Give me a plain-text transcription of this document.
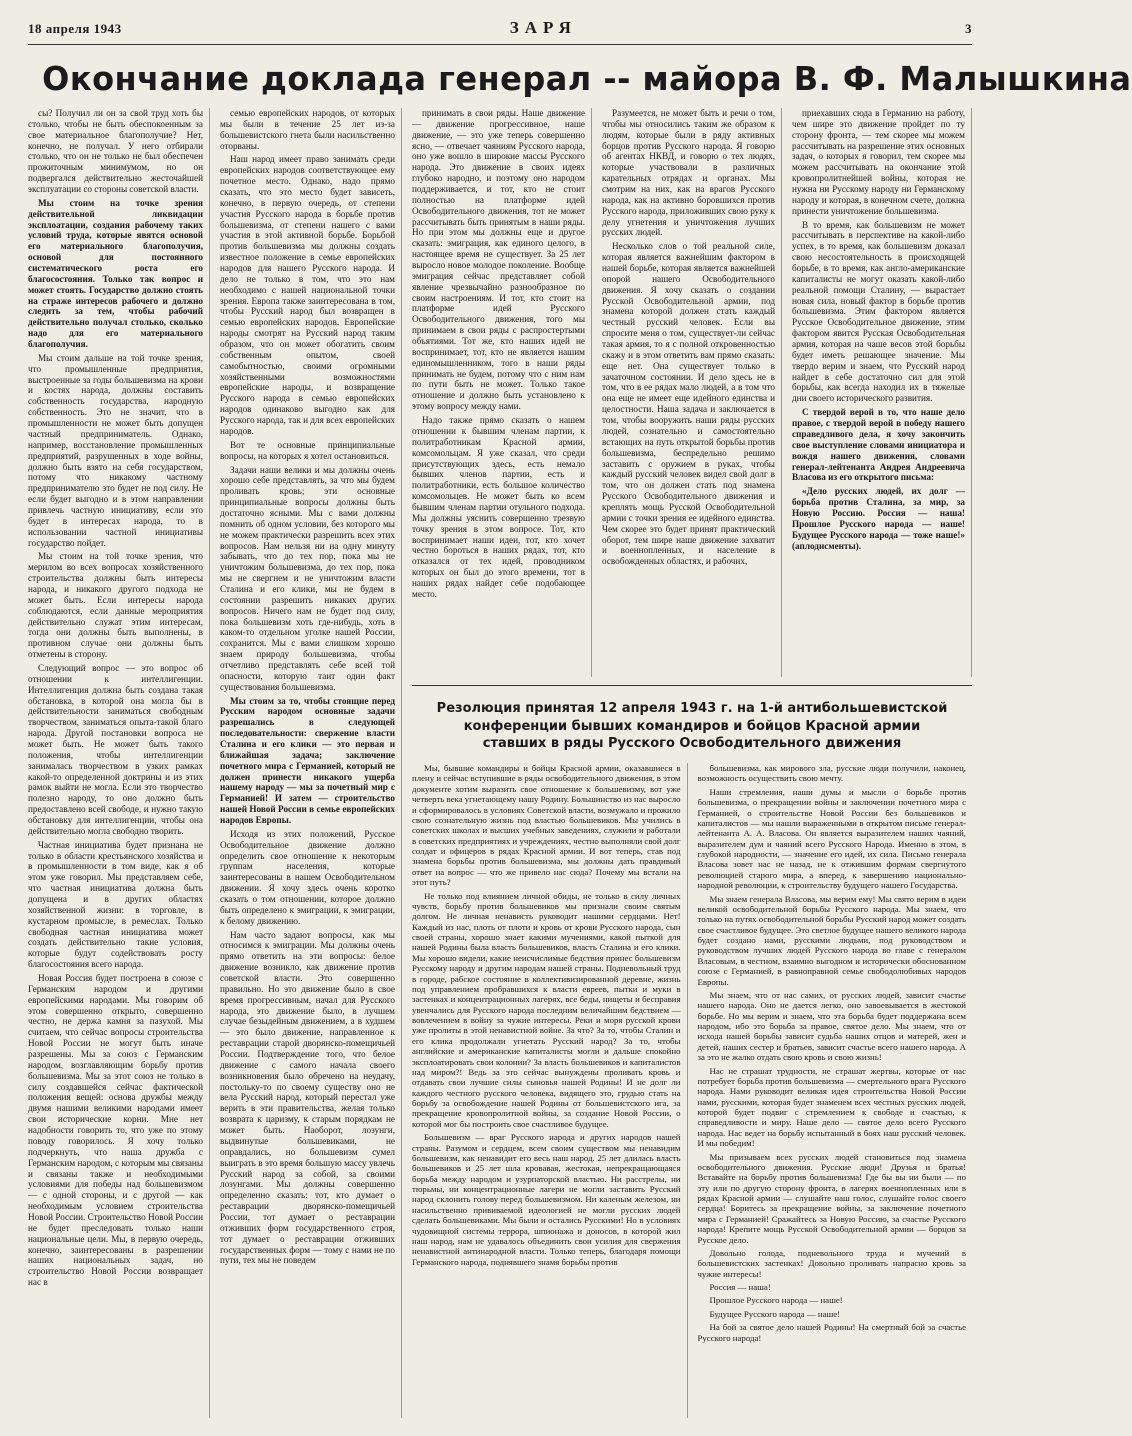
18 апреля 1943	ЗАРЯ	3
Окончание доклада генерал -- майора В. Ф. Малышкина

сы? Получил ли он за свой труд хоть бы столько, чтобы не быть обеспокоенным за свое материальное благополучие? Нет, конечно, не получал. У него отбирали столько, что он не только не был обеспечен прожиточным минимумом, но он подвергался действительно жесточайшей эксплуатации со стороны советской власти.

Мы стоим на точке зрения действительной ликвидации эксплоатации, создания рабочему таких условий труда, которые явятся основой его материального благополучия, основой для постоянного систематического роста его благосостояния. Только так вопрос и может стоять. Государство должно стоять на страже интересов рабочего и должно следить за тем, чтобы рабочий действительно получал столько, сколько надо для его материального благополучия.

Мы стоим дальше на той точке зрения, что промышленные предприятия, выстроенные за годы большевизма на крови и костях народа, должны составить собственность государства, народную собственность. Это не значит, что в промышленности не может быть допущен частный предприниматель. Однако, например, восстановление промышленных предприятий, разрушенных в ходе войны, должно быть взято на себя государством, потому что никакому частному предпринимателю это будет не под силу. Не если будет выгодно и в этом направлении привлечь частную инициативу, если это будет в интересах народа, то в использовании частной инициативы государство пойдет.

Мы стоим на той точке зрения, что мерилом во всех вопросах хозяйственного строительства должны быть интересы народа, и никакого другого подхода не может быть. Если интересы народа соблюдаются, если данные мероприятия действительно служат этим интересам, тогда они должны быть выполнены, в противном случае они должны быть отметены в сторону.

Следующий вопрос — это вопрос об отношении к интеллигенции. Интеллигенция должна быть создана такая обстановка, в которой она могла бы в действительности заниматься свободным творчеством, заниматься опыта-такой благо народа. Другой постановки вопроса не может быть. Не может быть такого положения, чтобы интеллигенции занималась творчеством в узких рамках какой-то определенной доктрины и из этих рамок выйти не могла. Если это творчество полезно народу, то оно должно быть предоставлено всей свободе, и нужно такую обстановку для интеллигенции, чтобы она действительно могла свободно творить.

Частная инициатива будет признана не только в области крестьянского хозяйства и в промышленности в том виде, как я об этом уже говорил. Мы представляем себе, что частная инициатива должна быть допущена и в других областях хозяйственной жизни: в торговле, в кустарном промысле, в ремеслах. Только свободная частная инициатива может создать действительно такие условия, которые будут содействовать росту благосостояния всего народа.

Новая Россия будет построена в союзе с Германским народом и другими европейскими народами. Мы говорим об этом совершенно открыто, совершенно честно, не держа камня за пазухой. Мы считаем, что сейчас вопросы строительства Новой России не могут быть иначе разрешены. Мы за союз с Германским народом, возглавляющим борьбу против большевизма. Мы за этот союз не только в силу создавшейся сейчас фактической положения вещей: основа дружбы между двумя нашими великими народами имеет свои исторические корни. Мне нет надобности говорить то, что уже по этому поводу говорилось. Я хочу только подчеркнуть, что наша дружба с Германским народом, с которым мы связаны и связаны также и необходимыми условиями для победы над большевизмом — с одной стороны, и с другой — как необходимым условием строительства Новой России. Строительство Новой России не будет преследовать только наши национальные цели. Мы, в первую очередь, конечно, заинтересованы в разрешении наших национальных задач, но строительство Новой России возвращает нас в

семью европейских народов, от которых мы были в течение 25 лет из-за большевистского гнета были насильственно оторваны.

Наш народ имеет право занимать среди европейских народов соответствующее ему почетное место. Однако, надо прямо сказать, что это место будет зависеть, конечно, в первую очередь, от степени участия Русского народа в борьбе против большевизма, от степени нашего с вами участия в этой активной борьбе. Борьбой против большевизма мы должны создать известное положение в семье европейских народов для нашего Русского народа. И дело не только в том, что это нам необходимо с нашей национальной точки зрения. Европа также заинтересована в том, чтобы Русский народ был возвращен в семью европейских народов. Европейские народы смотрят на Русский народ таким образом, что он может обогатить своим собственным опытом, своей самобытностью, своими огромными хозяйственными возможностями европейские народы, и возвращение Русского народа в семью европейских народов одинаково выгодно как для Русского народа, так и для всех европейских народов.

Вот те основные принципиальные вопросы, на которых я хотел остановиться.

Задачи наши велики и мы должны очень хорошо себе представлять, за что мы будем проливать кровь; эти основные принципиальные вопросы должны быть достаточно ясными. Мы с вами должны помнить об одном условии, без которого мы не можем практически разрешить всех этих вопросов. Нам нельзя ни на одну минуту забывать, что до тех пор, пока мы не уничтожим большевизма, до тех пор, пока мы не свергнем и не уничтожим власти Сталина и его клики, мы не будем в состоянии разрешить никаких других вопросов. Ничего нам не будет под силу, пока большевизм хоть где-нибудь, хоть в каком-то отдельном уголке нашей России, сохранится. Мы с вами слишком хорошо знаем природу большевизма, чтобы отчетливо представлять себе всей той опасности, которую таит один факт существования большевизма.

Мы стоим за то, чтобы стоящие перед Русским народом основные задачи разрешались в следующей последовательности: свержение власти Сталина и его клики — это первая и ближайшая задача; заключение почетного мира с Германией, который не должен принести никакого ущерба нашему народу — мы за почетный мир с Германией! И затем — строительство нашей Новой России в семье европейских народов Европы.

Исходя из этих положений, Русское Освободительное движение должно определить свое отношение к некоторым группам населения, которые заинтересованы в нашем Освободительном движении. Я хочу здесь очень коротко сказать о том отношении, которое должно быть определено к эмиграции, к эмиграции, к белому движению.

Нам часто задают вопросы, как мы относимся к эмиграции. Мы должны очень прямо ответить на эти вопросы: белое движение возникло, как движение против советской власти. Это совершенно правильно. Но это движение было в свое время прогрессивным, начал для Русского народа, это движение было, в лучшем случае безыдейным движением, а в худшем — это было движение, направленное к реставрации старой дворянско-помещичьей России. Подтверждение того, что белое движение с самого начала своего возникновения было обречено на неудачу, постольку-то по своему существу оно не вела Русский народ, который перестал уже верить в эти правительства, желая только возврата к царизму, к старым порядкам не может быть. Наоборот, лозунги, выдвинутые большевиками, не оправдались, но большевизм сумел выиграть в это время большую массу увлечь Русский народ за собой, за своими лозунгами. Мы должны совершенно определенно сказать: тот, кто думает о реставрации дворянско-помещичьей России, тот думает о реставрации отживших форм государственного строя, тот думает о реставрации отживших государственных форм — тому с нами не по пути, тех мы не поведем

принимать в свои ряды. Наше движение — движение прогрессивное, наше движение, — это уже теперь совершенно ясно, — отвечает чаяниям Русского народа, оно уже вошло в широкие массы Русского народа. Это движение в своих идеях глубоко народно, и поэтому оно народом поддерживается, и тот, кто не стоит полностью на платформе идей Освободительного движения, тот не может рассчитывать быть принятым в наши ряды. Но при этом мы должны еще и другое сказать: эмиграция, как единого целого, в настоящее время не существует. За 25 лет выросло новое молодое поколение. Вообще эмиграция сейчас представляет собой явление чрезвычайно разнообразное по своим настроениям. И тот, кто стоит на платформе идей Русского Освободительного движения, того мы принимаем в свои ряды с распростертыми объятиями. Тот же, кто наших идей не воспринимает, тот, кто не является нашим единомышленником, того в наши ряды принимать не будем, потому что с ним нам по пути быть не может. Только такое отношение и должно быть установлено к этому вопросу между нами.

Надо также прямо сказать о нашем отношении к бывшим членам партии, к политработникам Красной армии, комсомольцам. Я уже сказал, что среди присутствующих здесь, есть немало бывших членов партии, есть и политработники, есть большое количество комсомольцев. Не может быть ко всем бывшим членам партии отульного подхода. Мы должны уяснить совершенно трезвую точку зрения в этом вопросе. Тот, кто воспринимает наши идеи, тот, кто хочет честно бороться в наших рядах, тот, кто отказался от тех идей, проводником которых он был до этого времени, тот в наших рядах найдет себе подобающее место.

Разумеется, не может быть и речи о том, чтобы мы относились таким же образом к людям, которые были в ряду активных борцов против Русского народа. Я говорю об агентах НКВД, и говорю о тех людях, которые участвовали в различных карательных отрядах и органах. Мы смотрим на них, как на врагов Русского народа, как на активно боровшихся против Русского народа, приложивших свою руку к делу угнетения и уничтожения лучших русских людей.

Несколько слов о той реальной силе, которая является важнейшим фактором в нашей борьбе, которая является важнейшей опорой нашего Освободительного движения. Я хочу сказать о создании Русской Освободительной армии, под знамена которой должен стать каждый честный русский человек. Если вы спросите меня о том, существует-ли сейчас такая армия, то я с полной откровенностью скажу и в этом ответить вам прямо сказать: еще нет. Она существует только в зачаточном состоянии. И дело здесь не в том, что в ее рядах мало людей, а в том что она еще не имеет еще идейного единства и целостности. Наша задача и заключается в том, чтобы вооружить наши ряды русских людей, сознательно и самостоятельно встающих на путь открытой борьбы против большевизма, беспредельно решимо заставить с оружием в руках, чтобы каждый русский человек видел свой долг в том, что он должен стать под знамена Русского Освободительного движения и креплять мощь Русской Освободительной армии с точки зрения ее идейного единства. Чем скорее это будет принят практический оборот, тем шире наше движение захватит и военнопленных, и население в освобожденных областях, и рабочих,

приехавших сюда в Германию на работу, чем шире это движение пройдет по ту сторону фронта, — тем скорее мы можем рассчитывать на разрешение этих основных задач, о которых я говорил, тем скорее мы можем рассчитывать на окончание этой кровопролитнейшей войны, которая не нужна ни Русскому народу ни Германскому народу и которая, в конечном счете, должна принести уничтожение большевизма.

В то время, как большевизм не может рассчитывать в перспективе на какой-либо успех, в то время, как большевизм доказал свою несостоятельность в происходящей борьбе, в то время, как англо-американские капиталисты не могут оказать какой-либо реальной помощи Сталину, — вырастает новая сила, новый фактор в борьбе против большевизма. Этим фактором является Русское Освободительное движение, этим фактором явится Русская Освободительная армия, которая на чаше весов этой борьбы будет иметь решающее значение. Мы твердо верим и знаем, что Русский народ найдет в себе достаточно сил для этой борьбы, как всегда находил их в тяжелые дни своего исторического развития.

С твердой верой в то, что наше дело правое, с твердой верой в победу нашего справедливого дела, я хочу закончить свое выступление словами инициатора и вождя нашего движения, словами генерал-лейтенанта Андрея Андреевича Власова из его открытого письма:

«Дело русских людей, их долг — борьба против Сталина, за мир, за Новую Россию. Россия — наша! Прошлое Русского народа — наше! Будущее Русского народа — тоже наше!» (аплодисменты).

Резолюция принятая 12 апреля 1943 г. на 1-й антибольшевистской конференции бывших командиров и бойцов Красной армии ставших в ряды Русского Освободительного движения

Мы, бывшие командиры и бойцы Красной армии, оказавшиеся в плену и сейчас вступившие в ряды освободительного движения, в этом документе хотим выразить свое отношение к большевизму, вот уже четверть века угнетающему нашу Родину. Большинство из нас выросло и сформировалось в условиях Советской власти, возмужало и прожило свою сознательную жизнь под властью большевиков. Мы учились в советских школах и высших учебных заведениях, служили и работали в советских предприятиях и учреждениях, честно выполняли свой долг солдат и офицеров в рядах Красной армии. И вот теперь, став под знамена борьбы против большевизма, мы должны дать правдивый ответ на вопрос — что же привело нас сюда? Почему мы встали на этот путь?

Не только под влиянием личной обиды, не только в силу личных чувств, борьбу против большевиков мы признали своим святым долгом. Не личная ненависть руководит нашими сердцами. Нет! Каждый из нас, плоть от плоти и кровь от крови Русского народа, сын своей страны, хорошо знает какими мучениями, какой пыткой для нашей Родины была власть большевиков, власть Сталина и его клики. Мы хорошо видели, какие неисчислимые бедствия принес большевизм Русскому народу и другим народам нашей страны. Подневольный труд в городе, рабское состояние в коллективизированной деревне, жизнь под управлением пробравшихся к власти евреев, пытки и муки в застенках и концентрационных лагерях, все беды, нищеты и бесправия увенчались для Русского народа последним величайшим бедствием — вовлечением в войну за чужие интересы. Реки и моря русской крови уже пролиты в этой ненавистной войне. За что? За то, чтобы Сталин и его клика продолжали угнетать Русский народ? За то, чтобы английские и американские капиталисты могли и дальше спокойно эксплоатировать свои колонии? За власть большевиков и капиталистов над миром?! Ведь за это сейчас вынуждены проливать кровь и отдавать свои лучшие силы сыновья нашей Родины! И не долг ли каждого честного русского человека, видящего это, грудью стать на борьбу за освобождение нашей Родины от большевистского ига, за прекращение кровопролитной войны, за создание Новой России, о которой мог бы построить свое счастливое будущее.

Большевизм — враг Русского народа и других народов нашей страны. Разумом и сердцем, всем своим существом мы ненавидим большевизм, как ненавидит его весь наш народ. 25 лет длилась власть большевиков и 25 лет шла кровавая, жестокая, непрекращающаяся борьба между народом и узурпаторской властью. Ни расстрелы, ни тюрьмы, ни концентрационные лагери не могли заставить Русский народ склонить голову перед большевизмом. Ни каленым железом, ни насильственно прививаемой идеологией не могли русских людей сделать большевиками. Мы были и остались Русскими! Но в условиях чудовищной системы террора, шпионажа и доносов, в которой жил наш народ, нам не удавалось объединить свои усилия для свержения ненавистной антинародной власти. Только теперь, благодаря помощи Германского народа, поднявшего знамя борьбы против

большевизма, как мирового зла, русские люди получили, наконец, возможность осуществить свою мечту.

Наши стремления, наши думы и мысли о борьбе против большевизма, о прекращении войны и заключении почетного мира с Германией, о строительстве Новой России без большевиков и капиталистов — мы нашли выраженными в открытом письме генерал-лейтенанта А. А. Власова. Он является выразителем наших чаяний, выразителем дум и чаяний всего Русского Народа. Именно в этом, в глубокой народности, — значение его идей, их сила. Письмо генерала Власова зовет нас не назад, не к отжившим формам свергнутого революцией старого мира, а вперед, к завершению национально-народной революции, к строительству будущего нашего Государства.

Мы знаем генерала Власова, мы верим ему! Мы свято верим в идеи великой освободительной борьбы Русского народа. Мы знаем, что только на путях освободительной борьбы Русский народ может создать свое счастливое будущее. Это светлое будущее нашего великого народа будет создано нами, русскими людьми, под руководством и руководством лучших людей Русского народа во главе с генералом Власовым, в честном, взаимно выгодном и исторически обоснованном союзе с Германией, в равноправной семье свободолюбивых народов Европы.

Мы знаем, что от нас самих, от русских людей, зависит счастье нашего народа. Оно не дается легко, оно завоевывается в жестокой борьбе. Но мы верим и знаем, что эта борьба будет поддержана всем народом, ибо это борьба за правое, святое дело. Мы знаем, что от исхода нашей борьбы зависит судьба наших отцов и матерей, жен и детей, наших сестер и братьев, зависит счастье всего нашего народа. А за это не жалко отдать свою кровь и свою жизнь!

Нас не страшат трудности, не страшат жертвы, которые от нас потребует борьба против большевизма — смертельного врага Русского народа. Нами руководит великая идея строительства Новой России нами, русскими, которая будет знаменем всех честных русских людей, которой будет подвиг с стремлением к свободе и счастью, к справедливости и миру. Наше дело — святое дело всего Русского народа. Нас ведет на борьбу испытанный в боях наш русский человек. И мы победим!

Мы призываем всех русских людей становиться под знамена освободительного движения. Русские люди! Друзья и братья! Вставайте на борьбу против большевизма! Где бы вы ни были — по эту или по другую сторону фронта, в лагерях военнопленных или в рядах Красной армии — слушайте наш голос, слушайте голос своего сердца! Боритесь за прекращение войны, за заключение почетного мира с Германией! Сражайтесь за Новую Россию, за счастье Русского народа! Крепите мощь Русской Освободительной армии — борцов за Русское дело.

Довольно голода, подневольного труда и мучений в большевистских застенках! Довольно проливать напрасно кровь за чужие интересы!

Россия — наша!

Прошлое Русского народа — наше!

Будущее Русского народа — наше!

На бой за святое дело нашей Родины! На смертный бой за счастье Русского народа!
